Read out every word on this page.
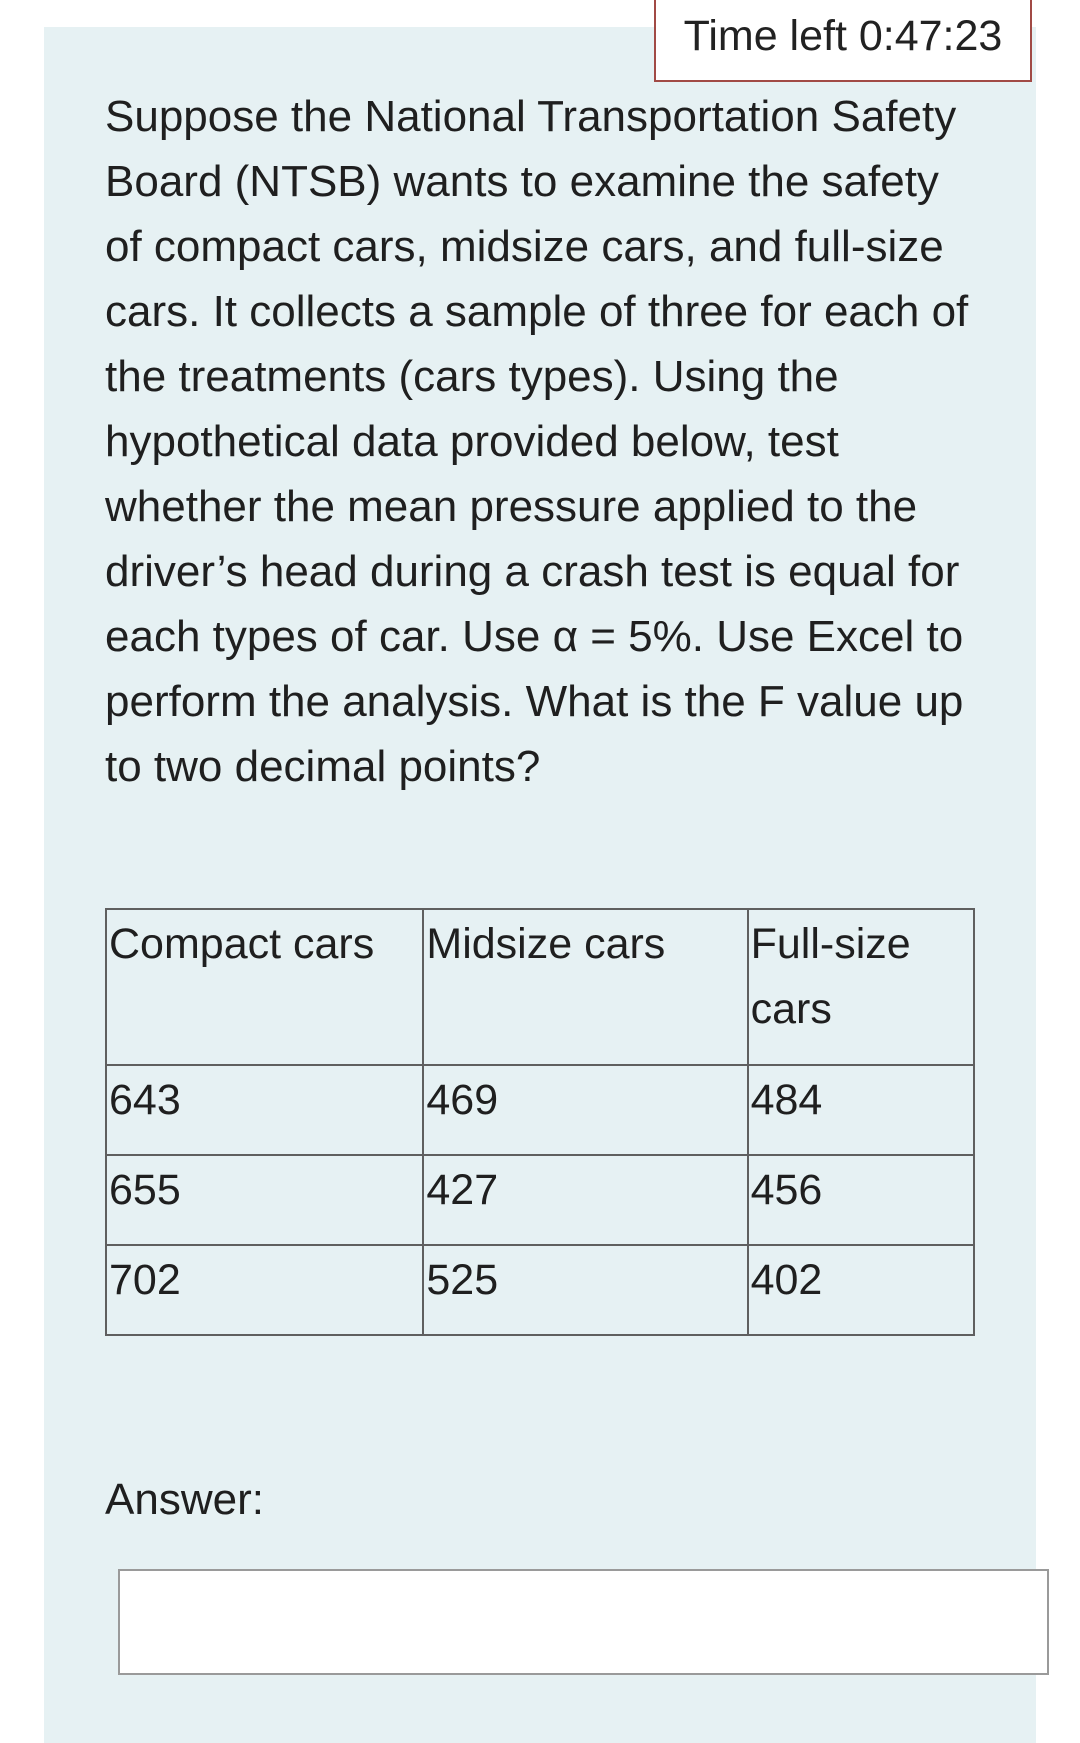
Time left 0:47:23

Suppose the National Transportation Safety
Board (NTSB) wants to examine the safety
of compact cars, midsize cars, and full-size
cars. It collects a sample of three for each of
the treatments (cars types). Using the
hypothetical data provided below, test
whether the mean pressure applied to the
driver’s head during a crash test is equal for
each types of car. Use α = 5%. Use Excel to
perform the analysis. What is the F value up
to two decimal points?

Compact cars	Midsize cars	Full-size cars
643	469	484
655	427	456
702	525	402
Answer:
